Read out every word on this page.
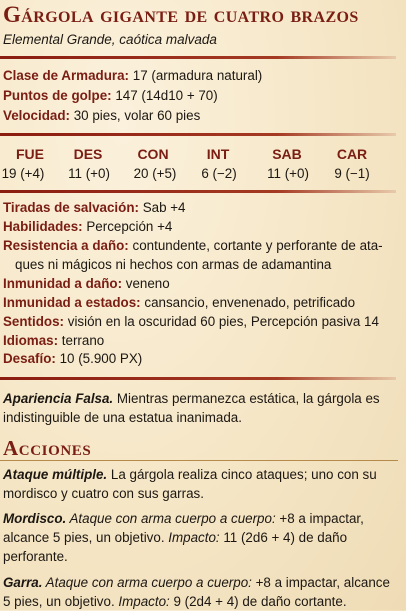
Gárgola gigante de cuatro brazos

Elemental Grande, caótica malvada

Clase de Armadura: 17 (armadura natural)
Puntos de golpe: 147 (14d10 + 70)
Velocidad: 30 pies, volar 60 pies
FUE	DES	CON	INT	SAB	CAR
19 (+4)	11 (+0)	20 (+5)	6 (−2)	11 (+0)	9 (−1)
Tiradas de salvación: Sab +4
Habilidades: Percepción +4
Resistencia a daño: contundente, cortante y perforante de ata-
ques ni mágicos ni hechos con armas de adamantina
Inmunidad a daño: veneno
Inmunidad a estados: cansancio, envenenado, petrificado
Sentidos: visión en la oscuridad 60 pies, Percepción pasiva 14
Idiomas: terrano
Desafío: 10 (5.900 PX)
Apariencia Falsa. Mientras permanezca estática, la gárgola es indistinguible de una estatua inanimada.
Acciones
Ataque múltiple. La gárgola realiza cinco ataques; uno con su mordisco y cuatro con sus garras.
Mordisco. Ataque con arma cuerpo a cuerpo: +8 a impactar, alcance 5 pies, un objetivo. Impacto: 11 (2d6 + 4) de daño perforante.
Garra. Ataque con arma cuerpo a cuerpo: +8 a impactar, alcance 5 pies, un objetivo. Impacto: 9 (2d4 + 4) de daño cortante.
